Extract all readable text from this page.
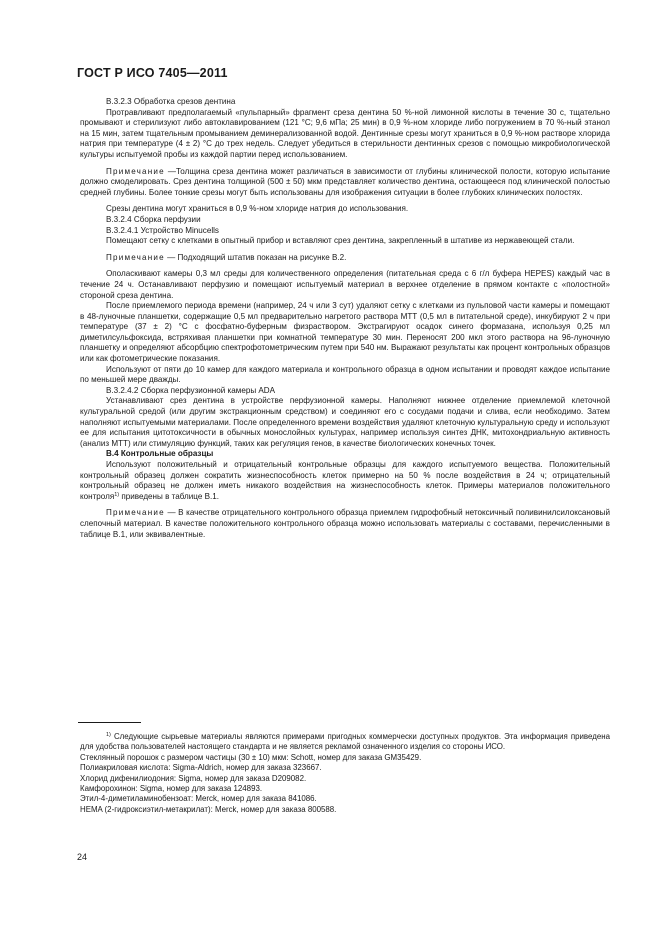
ГОСТ Р ИСО 7405—2011

B.3.2.3 Обработка срезов дентина

Протравливают предполагаемый «пульпарный» фрагмент среза дентина 50 %-ной лимонной кислоты в течение 30 с, тщательно промывают и стерилизуют либо автоклавированием (121 °С; 9,6 мПа; 25 мин) в 0,9 %-ном хлориде либо погружением в 70 %-ный этанол на 15 мин, затем тщательным промыванием деминерализованной водой. Дентинные срезы могут храниться в 0,9 %-ном растворе хлорида натрия при температуре (4 ± 2) °С до трех недель. Следует убедиться в стерильности дентинных срезов с помощью микробиологической культуры испытуемой пробы из каждой партии перед использованием.

Примечание —Толщина среза дентина может различаться в зависимости от глубины клинической полости, которую испытание должно смоделировать. Срез дентина толщиной (500 ± 50) мкм представляет количество дентина, остающееся под клинической полостью средней глубины. Более тонкие срезы могут быть использованы для изображения ситуации в более глубоких клинических полостях.

Срезы дентина могут храниться в 0,9 %-ном хлориде натрия до использования.

B.3.2.4 Сборка перфузии

B.3.2.4.1 Устройство Minucells

Помещают сетку с клетками в опытный прибор и вставляют срез дентина, закрепленный в штативе из нержавеющей стали.

Примечание — Подходящий штатив показан на рисунке B.2.

Ополаскивают камеры 0,3 мл среды для количественного определения (питательная среда с 6 г/л буфера HEPES) каждый час в течение 24 ч. Останавливают перфузию и помещают испытуемый материал в верхнее отделение в прямом контакте с «полостной» стороной среза дентина.

После приемлемого периода времени (например, 24 ч или 3 сут) удаляют сетку с клетками из пульповой части камеры и помещают в 48-луночные планшетки, содержащие 0,5 мл предварительно нагретого раствора МТТ (0,5 мл в питательной среде), инкубируют 2 ч при температуре (37 ± 2) °С с фосфатно-буферным физраствором. Экстрагируют осадок синего формазана, используя 0,25 мл диметилсульфоксида, встряхивая планшетки при комнатной температуре 30 мин. Переносят 200 мкл этого раствора на 96-луночную планшетку и определяют абсорбцию спектрофотометрическим путем при 540 нм. Выражают результаты как процент контрольных образцов или как фотометрические показания.

Используют от пяти до 10 камер для каждого материала и контрольного образца в одном испытании и проводят каждое испытание по меньшей мере дважды.

B.3.2.4.2 Сборка перфузионной камеры ADA

Устанавливают срез дентина в устройстве перфузионной камеры. Наполняют нижнее отделение приемлемой клеточной культуральной средой (или другим экстракционным средством) и соединяют его с сосудами подачи и слива, если необходимо. Затем наполняют испытуемыми материалами. После определенного времени воздействия удаляют клеточную культуральную среду и используют ее для испытания цитотоксичности в обычных монослойных культурах, например используя синтез ДНК, митохондриальную активность (анализ МТТ) или стимуляцию функций, таких как регуляция генов, в качестве биологических конечных точек.

B.4 Контрольные образцы

Используют положительный и отрицательный контрольные образцы для каждого испытуемого вещества. Положительный контрольный образец должен сократить жизнеспособность клеток примерно на 50 % после воздействия в 24 ч; отрицательный контрольный образец не должен иметь никакого воздействия на жизнеспособность клеток. Примеры материалов положительного контроля$^{1)}$ приведены в таблице B.1.

Примечание — В качестве отрицательного контрольного образца приемлем гидрофобный нетоксичный поливинилсилоксановый слепочный материал. В качестве положительного контрольного образца можно использовать материалы с составами, перечисленными в таблице B.1, или эквивалентные.

$^{1)}$ Следующие сырьевые материалы являются примерами пригодных коммерчески доступных продуктов. Эта информация приведена для удобства пользователей настоящего стандарта и не является рекламой означенного изделия со стороны ИСО.

Стеклянный порошок с размером частицы (30 ± 10) мкм: Schott, номер для заказа GM35429.

Полиакриловая кислота: Sigma-Aldrich, номер для заказа 323667.

Хлорид дифенилиодония: Sigma, номер для заказа D209082.

Камфорохинон: Sigma, номер для заказа 124893.

Этил-4-диметиламинобензоат: Merck, номер для заказа 841086.

HEMA (2-гидроксиэтил-метакрилат): Merck, номер для заказа 800588.

24
